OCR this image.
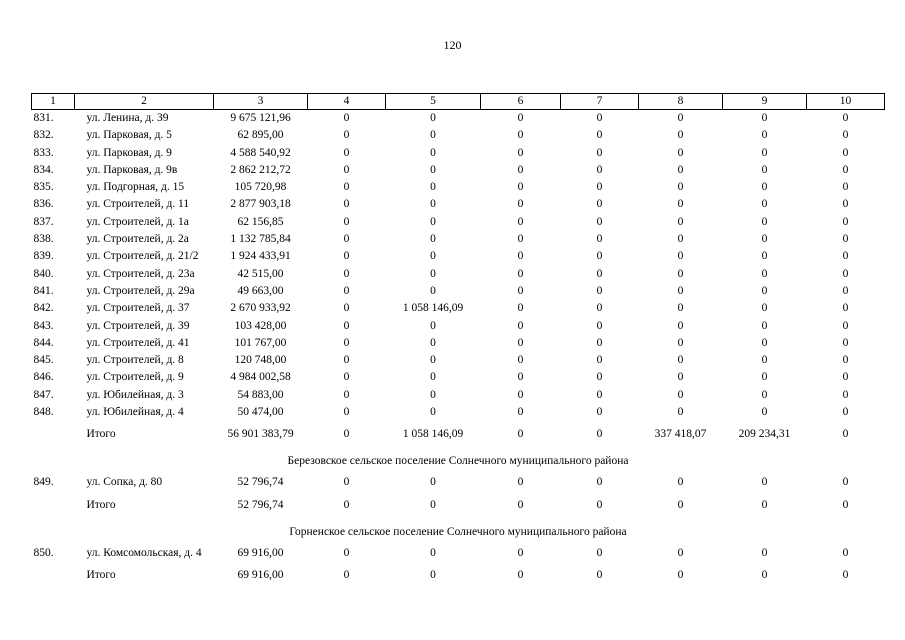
120
1	2	3	4	5	6	7	8	9	10
831.	ул. Ленина, д. 39	9 675 121,96	0	0	0	0	0	0	0
832.	ул. Парковая, д. 5	62 895,00	0	0	0	0	0	0	0
833.	ул. Парковая, д. 9	4 588 540,92	0	0	0	0	0	0	0
834.	ул. Парковая, д. 9в	2 862 212,72	0	0	0	0	0	0	0
835.	ул. Подгорная, д. 15	105 720,98	0	0	0	0	0	0	0
836.	ул. Строителей, д. 11	2 877 903,18	0	0	0	0	0	0	0
837.	ул. Строителей, д. 1а	62 156,85	0	0	0	0	0	0	0
838.	ул. Строителей, д. 2а	1 132 785,84	0	0	0	0	0	0	0
839.	ул. Строителей, д. 21/2	1 924 433,91	0	0	0	0	0	0	0
840.	ул. Строителей, д. 23а	42 515,00	0	0	0	0	0	0	0
841.	ул. Строителей, д. 29а	49 663,00	0	0	0	0	0	0	0
842.	ул. Строителей, д. 37	2 670 933,92	0	1 058 146,09	0	0	0	0	0
843.	ул. Строителей, д. 39	103 428,00	0	0	0	0	0	0	0
844.	ул. Строителей, д. 41	101 767,00	0	0	0	0	0	0	0
845.	ул. Строителей, д. 8	120 748,00	0	0	0	0	0	0	0
846.	ул. Строителей, д. 9	4 984 002,58	0	0	0	0	0	0	0
847.	ул. Юбилейная, д. 3	54 883,00	0	0	0	0	0	0	0
848.	ул. Юбилейная, д. 4	50 474,00	0	0	0	0	0	0	0
	Итого	56 901 383,79	0	1 058 146,09	0	0	337 418,07	209 234,31	0
Березовское сельское поселение Солнечного муниципального района									
849.	ул. Сопка, д. 80	52 796,74	0	0	0	0	0	0	0
	Итого	52 796,74	0	0	0	0	0	0	0
Горненское сельское поселение Солнечного муниципального района									
850.	ул. Комсомольская, д. 4	69 916,00	0	0	0	0	0	0	0
	Итого	69 916,00	0	0	0	0	0	0	0
